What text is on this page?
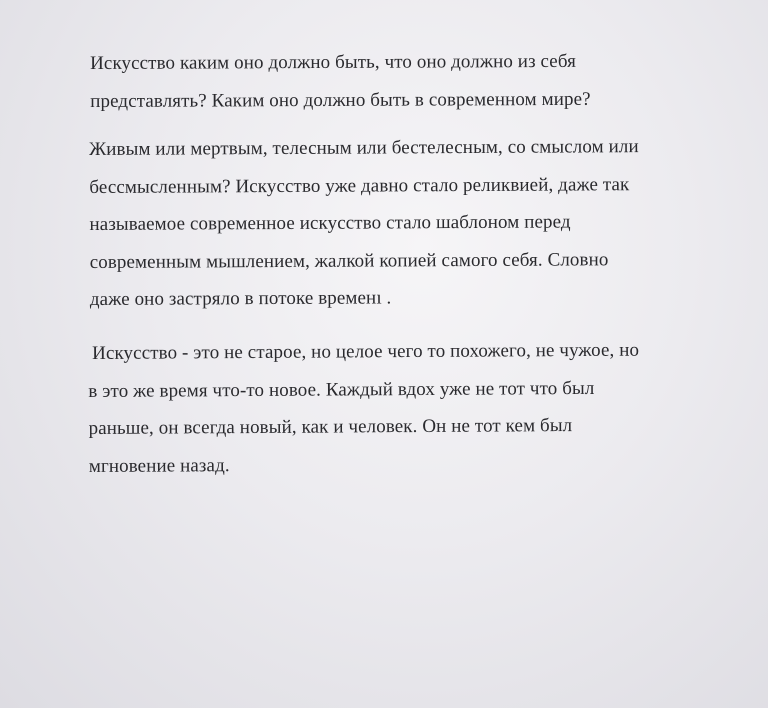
Искусство каким оно должно быть, что оно должно из себя
представлять? Каким оно должно быть в современном мире?

Живым или мертвым, телесным или бестелесным, со смыслом или
бессмысленным? Искусство уже давно стало реликвией, даже так
называемое современное искусство стало шаблоном перед
современным мышлением, жалкой копией самого себя. Словно
даже оно застряло в потоке временı .

Искусство - это не старое, но целое чего то похожего, не чужое, но
в это же время что-то новое. Каждый вдох уже не тот что был
раньше, он всегда новый, как и человек. Он не тот кем был
мгновение назад.
